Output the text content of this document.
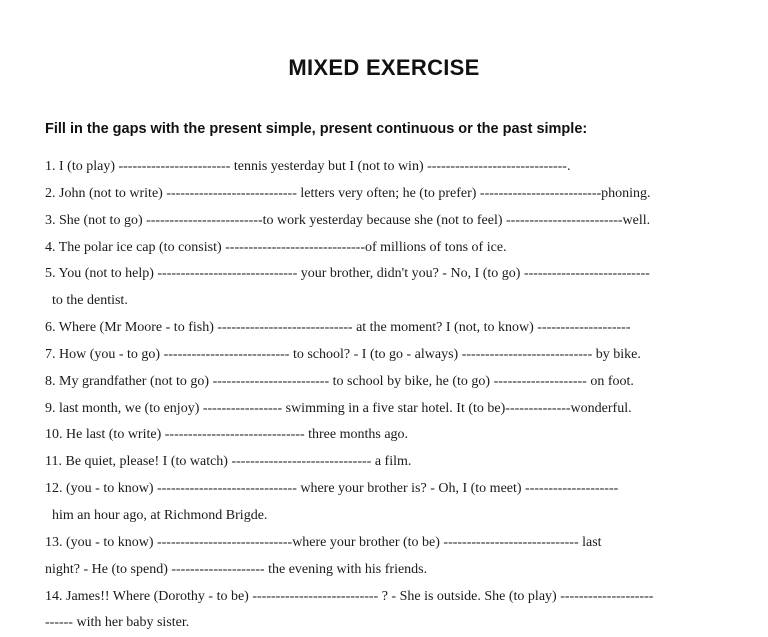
MIXED EXERCISE
Fill in the gaps with the present simple, present continuous or the past simple:
1. I (to play) ------------------------ tennis yesterday but I (not to win) ------------------------------.
2. John (not to write) ---------------------------- letters very often; he (to prefer) --------------------------phoning.
3. She (not to go) -------------------------to work yesterday because she (not to feel) -------------------------well.
4. The polar ice cap (to consist) ------------------------------of millions of tons of ice.
5. You (not to help) ------------------------------ your brother, didn't you? - No, I (to go) ---------------------------
to the dentist.
6. Where (Mr Moore - to fish) ----------------------------- at the moment? I (not, to know) --------------------
7. How (you - to go) --------------------------- to school? - I (to go - always) ---------------------------- by bike.
8. My grandfather (not to go) ------------------------- to school by bike, he (to go) -------------------- on foot.
9. last month, we (to enjoy) ----------------- swimming in a five star hotel. It (to be)--------------wonderful.
10. He last (to write) ------------------------------ three months ago.
11. Be quiet, please! I (to watch) ------------------------------ a film.
12. (you - to know) ------------------------------ where your brother is? - Oh, I (to meet) --------------------
him an hour ago, at Richmond Brigde.
13. (you - to know) -----------------------------where your brother (to be) ----------------------------- last
night? - He (to spend) -------------------- the evening with his friends.
14. James!! Where (Dorothy - to be) --------------------------- ? - She is outside. She (to play) --------------------
------ with her baby sister.
